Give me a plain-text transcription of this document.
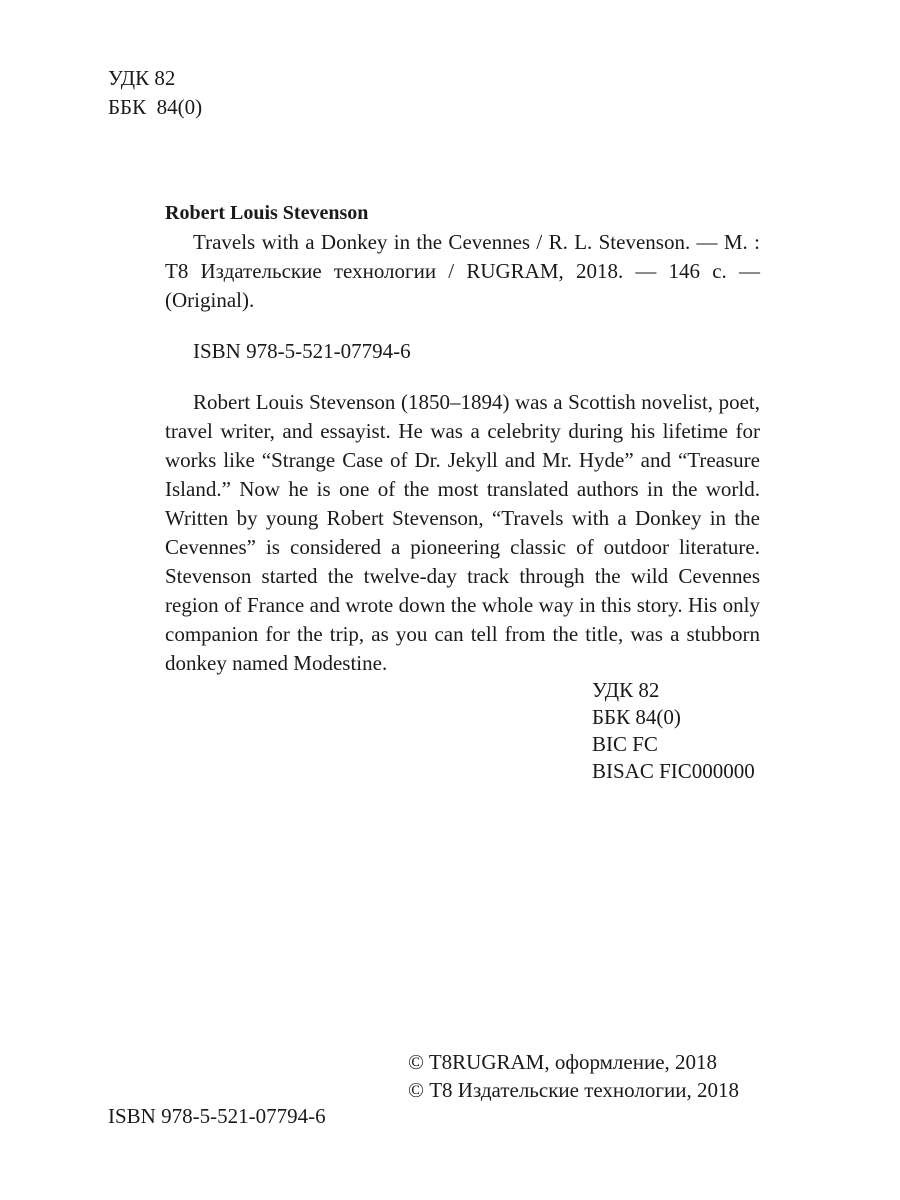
УДК 82
ББК  84(0)
Robert Louis Stevenson

Travels with a Donkey in the Cevennes / R. L. Stevenson. — М. : Т8 Издательские технологии / RUGRAM, 2018. — 146 с. — (Original).

ISBN 978-5-521-07794-6
Robert Louis Stevenson (1850–1894) was a Scottish novelist, poet, travel writer, and essayist. He was a celebrity during his lifetime for works like “Strange Case of Dr. Jekyll and Mr. Hyde” and “Treasure Island.” Now he is one of the most translated authors in the world. Written by young Robert Stevenson, “Travels with a Donkey in the Cevennes” is considered a pioneering classic of outdoor literature. Stevenson started the twelve-day track through the wild Cevennes region of France and wrote down the whole way in this story. His only companion for the trip, as you can tell from the title, was a stubborn donkey named Modestine.
УДК 82
ББК 84(0)
BIC FC
BISAC FIC000000
© T8RUGRAM, оформление, 2018
© Т8 Издательские технологии, 2018
ISBN 978-5-521-07794-6
